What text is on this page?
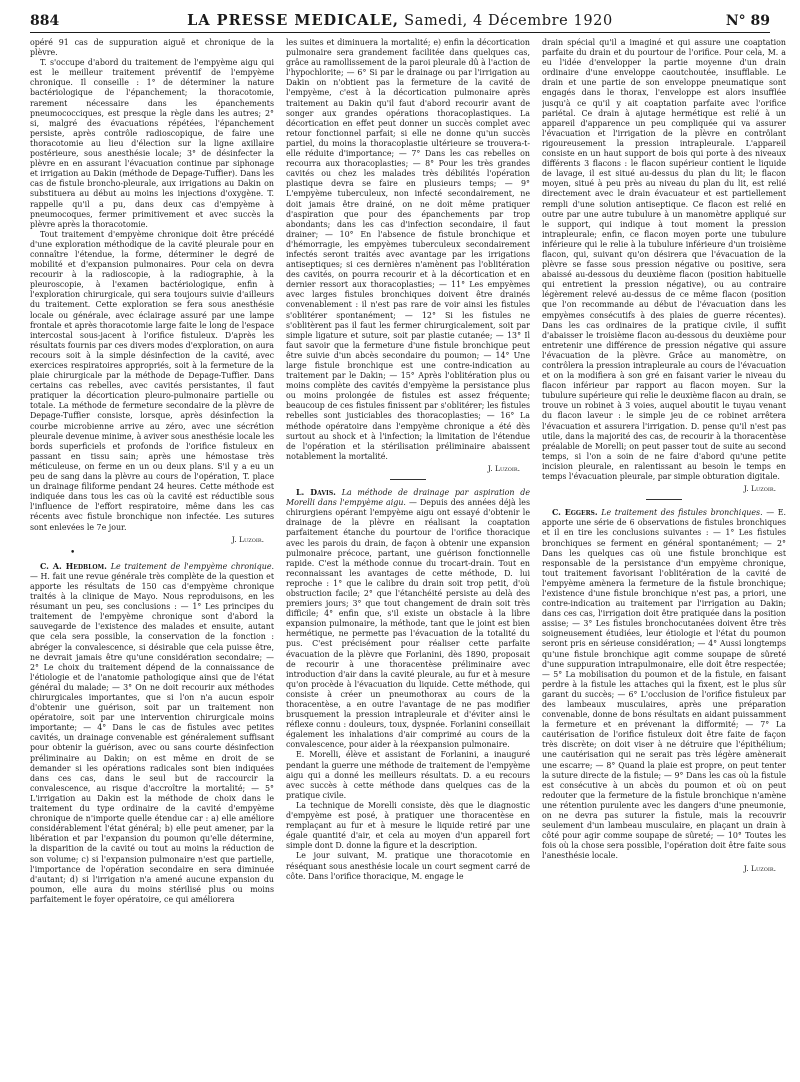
884	LA PRESSE MEDICALE, Samedi, 4 Décembre 1920	N° 89

opéré 91 cas de suppuration aiguë et chronique de la plèvre.

T. s'occupe d'abord du traitement de l'empyème aigu qui est le meilleur traitement préventif de l'empyème chronique. Il conseille : 1° de déterminer la nature bactériologique de l'épanchement; la thoracotomie, rarement nécessaire dans les épanchements pneumococciques, est presque la règle dans les autres; 2° si, malgré des évacuations répétées, l'épanchement persiste, après contrôle radioscopique, de faire une thoracotomie au lieu d'élection sur la ligne axillaire postérieure, sous anesthésie locale; 3° de désinfecter la plèvre en en assurant l'évacuation continue par siphonage et irrigation au Dakin (méthode de Depage-Tuffier). Dans les cas de fistule broncho-pleurale, aux irrigations au Dakin on substituera au début au moins les injections d'oxygène. T. rappelle qu'il a pu, dans deux cas d'empyème à pneumocoques, fermer primitivement et avec succès la plèvre après la thoracotomie.

Tout traitement d'empyème chronique doit être précédé d'une exploration méthodique de la cavité pleurale pour en connaître l'étendue, la forme, déterminer le degré de mobilité et d'expansion pulmonaires. Pour cela on devra recourir à la radioscopie, à la radiographie, à la pleuroscopie, à l'examen bactériologique, enfin à l'exploration chirurgicale, qui sera toujours suivie d'ailleurs du traitement. Cette exploration se fera sous anesthésie locale ou générale, avec éclairage assuré par une lampe frontale et après thoracotomie large faite le long de l'espace intercostal sous-jacent à l'orifice fistuleux. D'après les résultats fournis par ces divers modes d'exploration, on aura recours soit à la simple désinfection de la cavité, avec exercices respiratoires appropriés, soit à la fermeture de la plaie chirurgicale par la méthode de Depage-Tuffier. Dans certains cas rebelles, avec cavités persistantes, il faut pratiquer la décortication pleuro-pulmonaire partielle ou totale. La méthode de fermeture secondaire de la plèvre de Depage-Tuffier consiste, lorsque, après désinfection la courbe microbienne arrive au zéro, avec une sécrétion pleurale devenue minime, à aviver sous anesthésie locale les bords superficiels et profonds de l'orifice fistuleux en passant en tissu sain; après une hémostase très méticuleuse, on ferme en un ou deux plans. S'il y a eu un peu de sang dans la plèvre au cours de l'opération, T. place un drainage filiforme pendant 24 heures. Cette méthode est indiquée dans tous les cas où la cavité est réductible sous l'influence de l'effort respiratoire, même dans les cas récents avec fistule bronchique non infectée. Les sutures sont enlevées le 7e jour.

J. Luzoir.
•

C. A. Hedblom. Le traitement de l'empyème chronique. — H. fait une revue générale très complète de la question et apporte les résultats de 150 cas d'empyème chronique traités à la clinique de Mayo. Nous reproduisons, en les résumant un peu, ses conclusions : — 1° Les principes du traitement de l'empyème chronique sont d'abord la sauvegarde de l'existence des malades et ensuite, autant que cela sera possible, la conservation de la fonction : abréger la convalescence, si désirable que cela puisse être, ne devrait jamais être qu'une considération secondaire; — 2° Le choix du traitement dépend de la connaissance de l'étiologie et de l'anatomie pathologique ainsi que de l'état général du malade; — 3° On ne doit recourir aux méthodes chirurgicales importantes, que si l'on n'a aucun espoir d'obtenir une guérison, soit par un traitement non opératoire, soit par une intervention chirurgicale moins importante; — 4° Dans le cas de fistules avec petites cavités, un drainage convenable est généralement suffisant pour obtenir la guérison, avec ou sans courte désinfection préliminaire au Dakin; on est même en droit de se demander si les opérations radicales sont bien indiquées dans ces cas, dans le seul but de raccourcir la convalescence, au risque d'accroître la mortalité; — 5° L'irrigation au Dakin est la méthode de choix dans le traitement du type ordinaire de la cavité d'empyème chronique de n'importe quelle étendue car : a) elle améliore considérablement l'état général; b) elle peut amener, par la libération et par l'expansion du poumon qu'elle détermine, la disparition de la cavité ou tout au moins la réduction de son volume; c) si l'expansion pulmonaire n'est que partielle, l'importance de l'opération secondaire en sera diminuée d'autant; d) si l'irrigation n'a amené aucune expansion du poumon, elle aura du moins stérilisé plus ou moins parfaitement le foyer opératoire, ce qui améliorera

les suites et diminuera la mortalité; e) enfin la décortication pulmonaire sera grandement facilitée dans quelques cas, grâce au ramollissement de la paroi pleurale dû à l'action de l'hypochlorite; — 6° Si par le drainage ou par l'irrigation au Dakin on n'obtient pas la fermeture de la cavité de l'empyème, c'est à la décortication pulmonaire après traitement au Dakin qu'il faut d'abord recourir avant de songer aux grandes opérations thoracoplastiques. La décortication en effet peut donner un succès complet avec retour fonctionnel parfait; si elle ne donne qu'un succès partiel, du moins la thoracoplastie ultérieure se trouvera-t-elle réduite d'importance; — 7° Dans les cas rebelles on recourra aux thoracoplasties; — 8° Pour les très grandes cavités ou chez les malades très débilités l'opération plastique devra se faire en plusieurs temps; — 9° L'empyème tuberculeux, non infecté secondairement, ne doit jamais être drainé, on ne doit même pratiquer d'aspiration que pour des épanchements par trop abondants; dans les cas d'infection secondaire, il faut drainer; — 10° En l'absence de fistule bronchique et d'hémorragie, les empyèmes tuberculeux secondairement infectés seront traités avec avantage par les irrigations antiseptiques; si ces dernières n'amènent pas l'oblitération des cavités, on pourra recourir et à la décortication et en dernier ressort aux thoracoplasties; — 11° Les empyèmes avec larges fistules bronchiques doivent être drainés convenablement : il n'est pas rare de voir ainsi les fistules s'oblitérer spontanément; — 12° Si les fistules ne s'oblitèrent pas il faut les fermer chirurgicalement, soit par simple ligature et suture, soit par plastie cutanée; — 13° Il faut savoir que la fermeture d'une fistule bronchique peut être suivie d'un abcès secondaire du poumon; — 14° Une large fistule bronchique est une contre-indication au traitement par le Dakin; — 15° Après l'oblitération plus ou moins complète des cavités d'empyème la persistance plus ou moins prolongée de fistules est assez fréquente; beaucoup de ces fistules finissent par s'oblitérer; les fistules rebelles sont justiciables des thoracoplasties; — 16° La méthode opératoire dans l'empyème chronique a été dès surtout au shock et à l'infection; la limitation de l'étendue de l'opération et la stérilisation préliminaire abaissent notablement la mortalité.

J. Luzoir.

L. Davis. La méthode de drainage par aspiration de Morelli dans l'empyème aigu. — Depuis des années déjà les chirurgiens opérant l'empyème aigu ont essayé d'obtenir le drainage de la plèvre en réalisant la coaptation parfaitement étanche du pourtour de l'orifice thoracique avec les parois du drain, de façon à obtenir une expansion pulmonaire précoce, partant, une guérison fonctionnelle rapide. C'est la méthode connue du trocart-drain. Tout en reconnaissant les avantages de cette méthode, D. lui reproche : 1° que le calibre du drain soit trop petit, d'où obstruction facile; 2° que l'étanchéité persiste au delà des premiers jours; 3° que tout changement de drain soit très difficile; 4° enfin que, s'il existe un obstacle à la libre expansion pulmonaire, la méthode, tant que le joint est bien hermétique, ne permette pas l'évacuation de la totalité du pus. C'est précisément pour réaliser cette parfaite évacuation de la plèvre que Forlanini, dès 1890, proposait de recourir à une thoracentèse préliminaire avec introduction d'air dans la cavité pleurale, au fur et à mesure qu'on procède à l'évacuation du liquide. Cette méthode, qui consiste à créer un pneumothorax au cours de la thoracentèse, a en outre l'avantage de ne pas modifier brusquement la pression intrapleurale et d'éviter ainsi le réflexe connu : douleurs, toux, dyspnée. Forlanini conseillait également les inhalations d'air comprimé au cours de la convalescence, pour aider à la réexpansion pulmonaire.

E. Morelli, élève et assistant de Forlanini, a inauguré pendant la guerre une méthode de traitement de l'empyème aigu qui a donné les meilleurs résultats. D. a eu recours avec succès à cette méthode dans quelques cas de la pratique civile.

La technique de Morelli consiste, dès que le diagnostic d'empyème est posé, à pratiquer une thoracentèse en remplaçant au fur et à mesure le liquide retiré par une égale quantité d'air, et cela au moyen d'un appareil fort simple dont D. donne la figure et la description.

Le jour suivant, M. pratique une thoracotomie en réséquant sous anesthésie locale un court segment carré de côte. Dans l'orifice thoracique, M. engage le

drain spécial qu'il a imaginé et qui assure une coaptation parfaite du drain et du pourtour de l'orifice. Pour cela, M. a eu l'idée d'envelopper la partie moyenne d'un drain ordinaire d'une enveloppe caoutchoutée, insufflable. Le drain et une partie de son enveloppe pneumatique sont engagés dans le thorax, l'enveloppe est alors insufflée jusqu'à ce qu'il y ait coaptation parfaite avec l'orifice pariétal. Ce drain à ajutage hermétique est relié à un appareil d'apparence un peu compliquée qui va assurer l'évacuation et l'irrigation de la plèvre en contrôlant rigoureusement la pression intrapleurale. L'appareil consiste en un haut support de bois qui porte à des niveaux différents 3 flacons : le flacon supérieur contient le liquide de lavage, il est situé au-dessus du plan du lit; le flacon moyen, situé à peu près au niveau du plan du lit, est relié directement avec le drain évacuateur et est partiellement rempli d'une solution antiseptique. Ce flacon est relié en outre par une autre tubulure à un manomètre appliqué sur le support, qui indique à tout moment la pression intrapleurale; enfin, ce flacon moyen porte une tubulure inférieure qui le relie à la tubulure inférieure d'un troisième flacon, qui, suivant qu'on désirera que l'évacuation de la plèvre se fasse sous pression négative ou positive, sera abaissé au-dessous du deuxième flacon (position habituelle qui entretient la pression négative), ou au contraire légèrement relevé au-dessus de ce même flacon (position que l'on recommande au début de l'évacuation dans les empyèmes consécutifs à des plaies de guerre récentes). Dans les cas ordinaires de la pratique civile, il suffit d'abaisser le troisième flacon au-dessous du deuxième pour entretenir une différence de pression négative qui assure l'évacuation de la plèvre. Grâce au manomètre, on contrôlera la pression intrapleurale au cours de l'évacuation et on la modifiera à son gré en faisant varier le niveau du flacon inférieur par rapport au flacon moyen. Sur la tubulure supérieure qui relie le deuxième flacon au drain, se trouve un robinet à 3 voies, auquel aboutit le tuyau venant du flacon laveur : le simple jeu de ce robinet arrêtera l'évacuation et assurera l'irrigation. D. pense qu'il n'est pas utile, dans la majorité des cas, de recourir à la thoracentèse préalable de Morelli; on peut passer tout de suite au second temps, si l'on a soin de ne faire d'abord qu'une petite incision pleurale, en ralentissant au besoin le temps en temps l'évacuation pleurale, par simple obturation digitale.

J. Luzoir.

C. Eggers. Le traitement des fistules bronchiques. — E. apporte une série de 6 observations de fistules bronchiques et il en tire les conclusions suivantes : — 1° Les fistules bronchiques se ferment en général spontanément; — 2° Dans les quelques cas où une fistule bronchique est responsable de la persistance d'un empyème chronique, tout traitement favorisant l'oblitération de la cavité de l'empyème amènera la fermeture de la fistule bronchique; l'existence d'une fistule bronchique n'est pas, a priori, une contre-indication au traitement par l'irrigation au Dakin; dans ces cas, l'irrigation doit être pratiquée dans la position assise; — 3° Les fistules bronchocutanées doivent être très soigneusement étudiées, leur étiologie et l'état du poumon seront pris en sérieuse considération; — 4° Aussi longtemps qu'une fistule bronchique agit comme soupape de sûreté d'une suppuration intrapulmonaire, elle doit être respectée; — 5° La mobilisation du poumon et de la fistule, en faisant perdre à la fistule les attaches qui la fixent, est le plus sûr garant du succès; — 6° L'occlusion de l'orifice fistuleux par des lambeaux musculaires, après une préparation convenable, donne de bons résultats en aidant puissamment la fermeture et en prévenant la difformité; — 7° La cautérisation de l'orifice fistuleux doit être faite de façon très discrète; on doit viser à ne détruire que l'épithélium; une cautérisation qui ne serait pas très légère amènerait une escarre; — 8° Quand la plaie est propre, on peut tenter la suture directe de la fistule; — 9° Dans les cas où la fistule est consécutive à un abcès du poumon et où on peut redouter que la fermeture de la fistule bronchique n'amène une rétention purulente avec les dangers d'une pneumonie, on ne devra pas suturer la fistule, mais la recouvrir seulement d'un lambeau musculaire, en plaçant un drain à côté pour agir comme soupape de sûreté; — 10° Toutes les fois où la chose sera possible, l'opération doit être faite sous l'anesthésie locale.

J. Luzoir.
